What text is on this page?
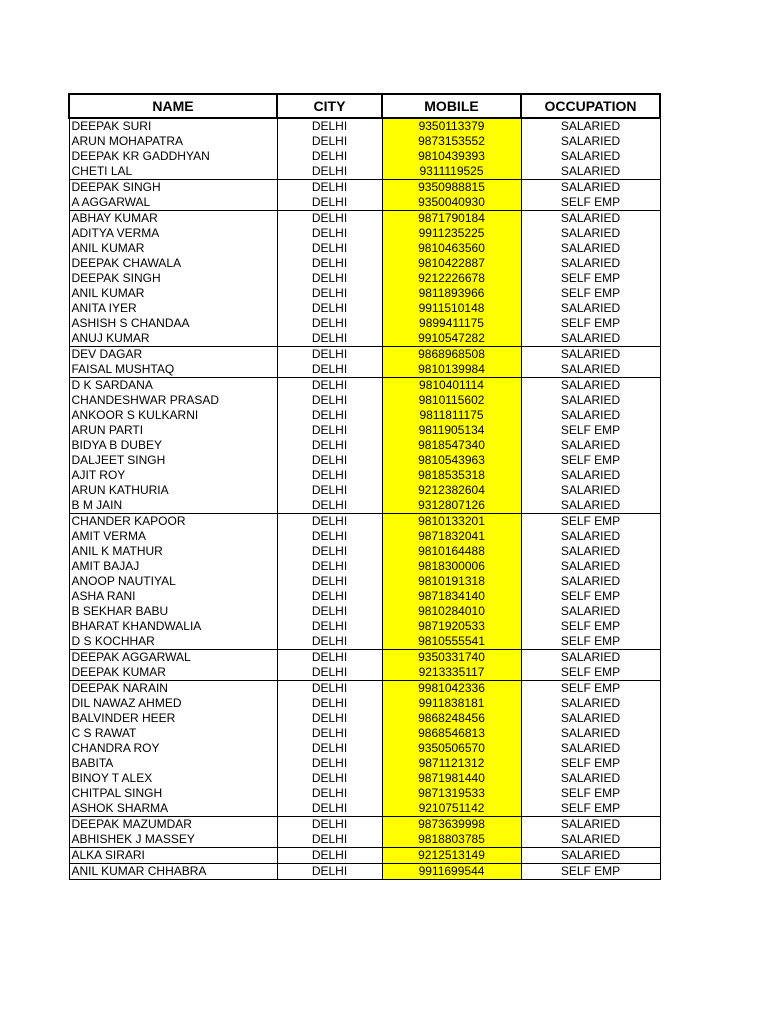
NAME	CITY	MOBILE	OCCUPATION
DEEPAK SURI	DELHI	9350113379	SALARIED
ARUN MOHAPATRA	DELHI	9873153552	SALARIED
DEEPAK KR GADDHYAN	DELHI	9810439393	SALARIED
CHETI LAL	DELHI	9311119525	SALARIED
DEEPAK SINGH	DELHI	9350988815	SALARIED
A AGGARWAL	DELHI	9350040930	SELF EMP
ABHAY KUMAR	DELHI	9871790184	SALARIED
ADITYA VERMA	DELHI	9911235225	SALARIED
ANIL KUMAR	DELHI	9810463560	SALARIED
DEEPAK CHAWALA	DELHI	9810422887	SALARIED
DEEPAK SINGH	DELHI	9212226678	SELF EMP
ANIL KUMAR	DELHI	9811893966	SELF EMP
ANITA IYER	DELHI	9911510148	SALARIED
ASHISH S CHANDAA	DELHI	9899411175	SELF EMP
ANUJ KUMAR	DELHI	9910547282	SALARIED
DEV DAGAR	DELHI	9868968508	SALARIED
FAISAL MUSHTAQ	DELHI	9810139984	SALARIED
D K SARDANA	DELHI	9810401114	SALARIED
CHANDESHWAR PRASAD	DELHI	9810115602	SALARIED
ANKOOR S KULKARNI	DELHI	9811811175	SALARIED
ARUN PARTI	DELHI	9811905134	SELF EMP
BIDYA B DUBEY	DELHI	9818547340	SALARIED
DALJEET SINGH	DELHI	9810543963	SELF EMP
AJIT ROY	DELHI	9818535318	SALARIED
ARUN KATHURIA	DELHI	9212382604	SALARIED
B M JAIN	DELHI	9312807126	SALARIED
CHANDER KAPOOR	DELHI	9810133201	SELF EMP
AMIT VERMA	DELHI	9871832041	SALARIED
ANIL K MATHUR	DELHI	9810164488	SALARIED
AMIT BAJAJ	DELHI	9818300006	SALARIED
ANOOP NAUTIYAL	DELHI	9810191318	SALARIED
ASHA RANI	DELHI	9871834140	SELF EMP
B SEKHAR BABU	DELHI	9810284010	SALARIED
BHARAT KHANDWALIA	DELHI	9871920533	SELF EMP
D S KOCHHAR	DELHI	9810555541	SELF EMP
DEEPAK AGGARWAL	DELHI	9350331740	SALARIED
DEEPAK KUMAR	DELHI	9213335117	SELF EMP
DEEPAK NARAIN	DELHI	9981042336	SELF EMP
DIL NAWAZ AHMED	DELHI	9911838181	SALARIED
BALVINDER HEER	DELHI	9868248456	SALARIED
C S RAWAT	DELHI	9868546813	SALARIED
CHANDRA ROY	DELHI	9350506570	SALARIED
BABITA	DELHI	9871121312	SELF EMP
BINOY T ALEX	DELHI	9871981440	SALARIED
CHITPAL SINGH	DELHI	9871319533	SELF EMP
ASHOK SHARMA	DELHI	9210751142	SELF EMP
DEEPAK MAZUMDAR	DELHI	9873639998	SALARIED
ABHISHEK J MASSEY	DELHI	9818803785	SALARIED
ALKA SIRARI	DELHI	9212513149	SALARIED
ANIL KUMAR CHHABRA	DELHI	9911699544	SELF EMP
